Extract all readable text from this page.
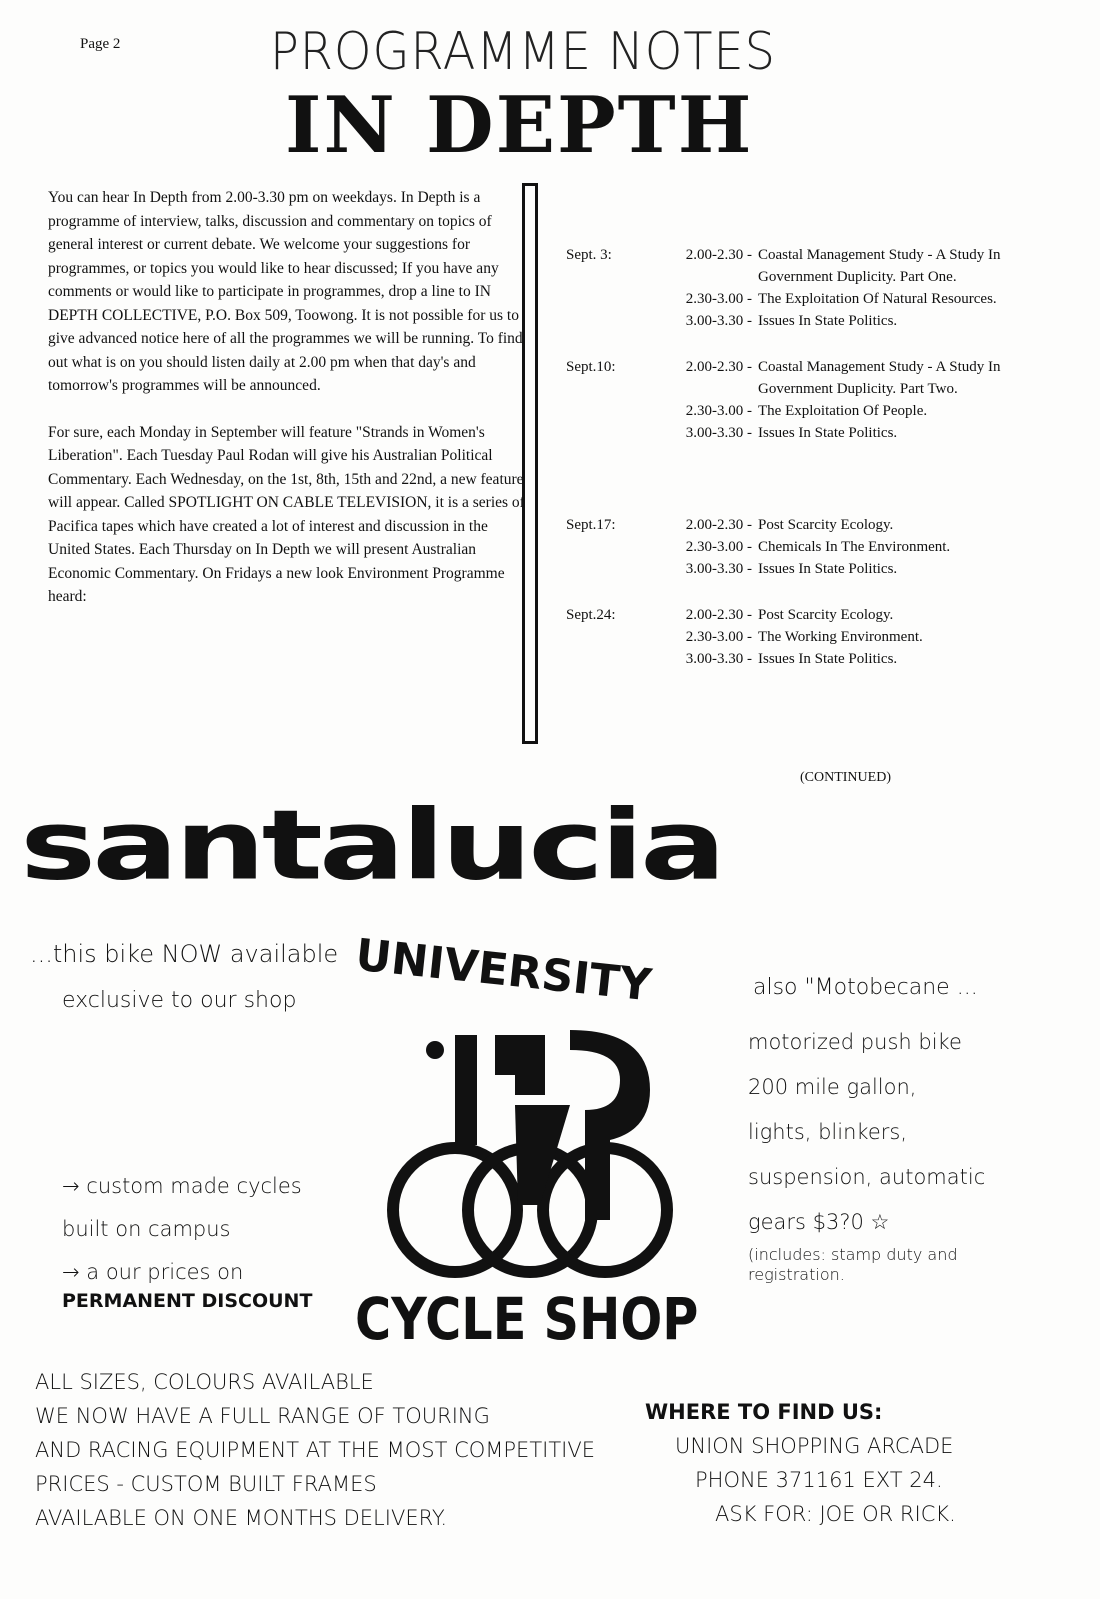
Page 2	PROGRAMME NOTES
IN DEPTH

You can hear In Depth from 2.00-3.30 pm on weekdays. In Depth is a programme of interview, talks, discussion and commentary on topics of general interest or current debate. We welcome your suggestions for programmes, or topics you would like to hear discussed; If you have any comments or would like to participate in programmes, drop a line to IN DEPTH COLLECTIVE, P.O. Box 509, Toowong. It is not possible for us to give advanced notice here of all the programmes we will be running. To find out what is on you should listen daily at 2.00 pm when that day's and tomorrow's programmes will be announced.

For sure, each Monday in September will feature "Strands in Women's Liberation". Each Tuesday Paul Rodan will give his Australian Political Commentary. Each Wednesday, on the 1st, 8th, 15th and 22nd, a new feature will appear. Called SPOTLIGHT ON CABLE TELEVISION, it is a series of Pacifica tapes which have created a lot of interest and discussion in the United States. Each Thursday on In Depth we will present Australian Economic Commentary. On Fridays a new look Environment Programme heard:

Sept. 3:	2.00-2.30 - Coastal Management Study - A Study In Government Duplicity. Part One.
2.30-3.00 - The Exploitation Of Natural Resources.
3.00-3.30 - Issues In State Politics.
Sept.10:	2.00-2.30 - Coastal Management Study - A Study In Government Duplicity. Part Two.
2.30-3.00 - The Exploitation Of People.
3.00-3.30 - Issues In State Politics.
Sept.17:	2.00-2.30 - Post Scarcity Ecology.
2.30-3.00 - Chemicals In The Environment.
3.00-3.30 - Issues In State Politics.
Sept.24:	2.00-2.30 - Post Scarcity Ecology.
2.30-3.00 - The Working Environment.
3.00-3.30 - Issues In State Politics.
(CONTINUED)
santalucia
...this bike NOW available
exclusive to our shop UNIVERSITY
CYCLE SHOP
also "Motobecane ...
motorized push bike
200 mile gallon,
lights, blinkers,
suspension, automatic
gears $3?0 ☆
(includes: stamp duty and registration.
→ custom made cycles
built on campus
→ a our prices on
PERMANENT DISCOUNT
ALL SIZES, COLOURS AVAILABLE
WE NOW HAVE A FULL RANGE OF TOURING
AND RACING EQUIPMENT AT THE MOST COMPETITIVE
PRICES - CUSTOM BUILT FRAMES
AVAILABLE ON ONE MONTHS DELIVERY.
WHERE TO FIND US:
UNION SHOPPING ARCADE
PHONE 371161 EXT 24.
ASK FOR: JOE OR RICK.
